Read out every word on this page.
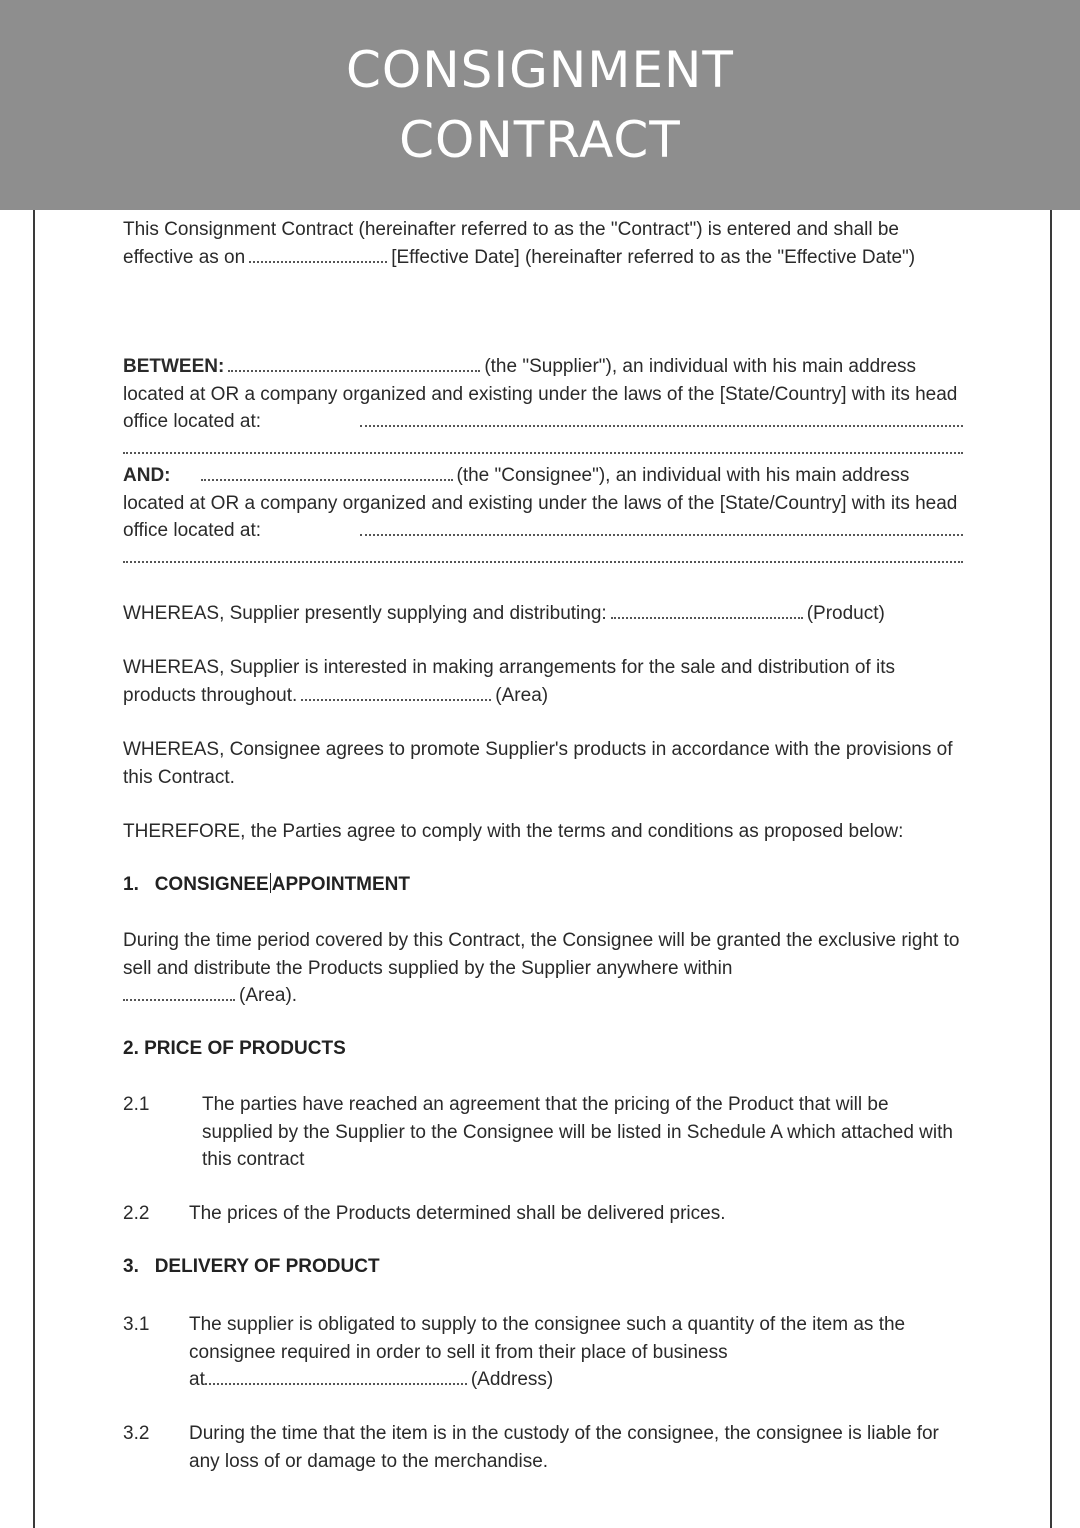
CONSIGNMENT
CONTRACT
This Consignment Contract (hereinafter referred to as the "Contract") is entered and shall be effective as on	[Effective Date] (hereinafter referred to as the "Effective Date")
BETWEEN:	(the "Supplier"), an individual with his main address located at OR a company organized and existing under the laws of the [State/Country] with its head office located at:
AND:	(the "Consignee"), an individual with his main address located at OR a company organized and existing under the laws of the [State/Country] with its head office located at:
WHEREAS, Supplier presently supplying and distributing:	(Product)
WHEREAS, Supplier is interested in making arrangements for the sale and distribution of its products throughout.	(Area)
WHEREAS, Consignee agrees to promote Supplier's products in accordance with the provisions of this Contract.
THEREFORE, the Parties agree to comply with the terms and conditions as proposed below:
1. CONSIGNEE APPOINTMENT
During the time period covered by this Contract, the Consignee will be granted the exclusive right to sell and distribute the Products supplied by the Supplier anywhere within
(Area).
2. PRICE OF PRODUCTS
2.1	The parties have reached an agreement that the pricing of the Product that will be supplied by the Supplier to the Consignee will be listed in Schedule A which attached with this contract
2.2 The prices of the Products determined shall be delivered prices.
3. DELIVERY OF PRODUCT
3.1 The supplier is obligated to supply to the consignee such a quantity of the item as the consignee required in order to sell it from their place of business
at	(Address)
3.2 During the time that the item is in the custody of the consignee, the consignee is liable for any loss of or damage to the merchandise.
